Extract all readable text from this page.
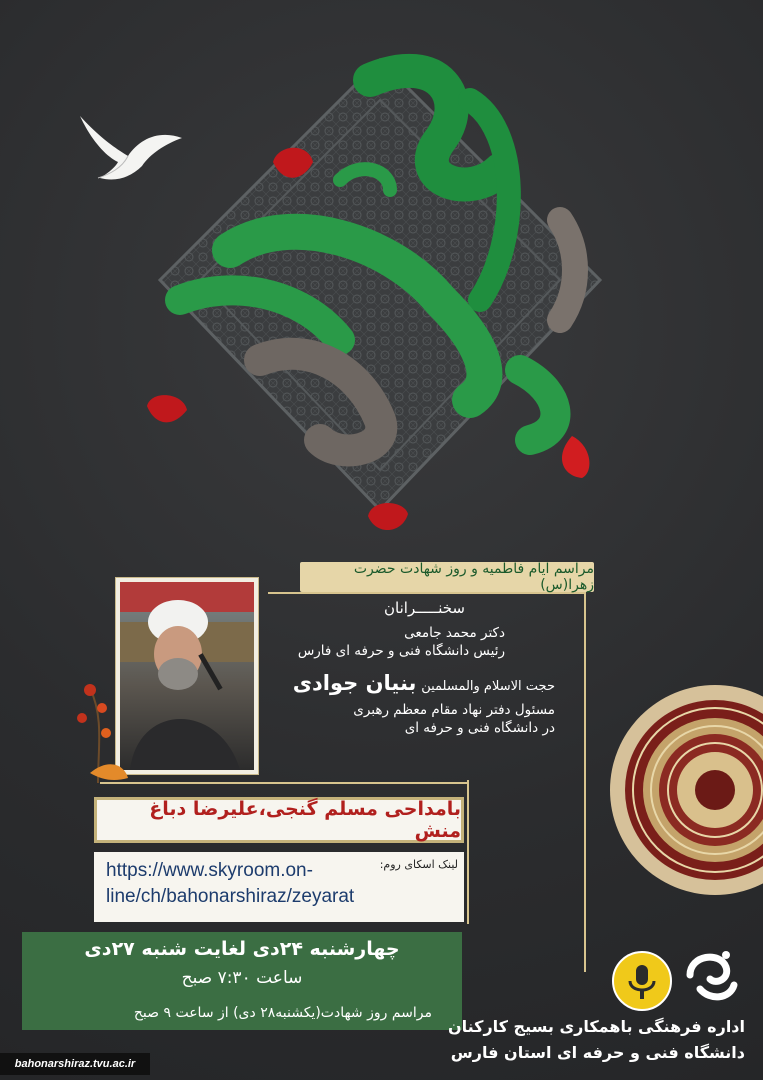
مراسم ایام فاطمیه و روز شهادت حضرت زهرا(س)
سخنـــــرانان
دکتر محمد جامعی
رئیس دانشگاه فنی و حرفه ای فارس
حجت الاسلام والمسلمین بنیان جوادی
مسئول دفتر نهاد مقام معظم رهبری
در دانشگاه فنی و حرفه ای
بامداحی مسلم گنجی،علیرضا دباغ منش
لینک اسکای روم:
https://www.skyroom.on-line/ch/bahonarshiraz/zeyarat
چهارشنبه ۲۴دی لغایت شنبه ۲۷دی
ساعت ۷:۳۰ صبح
مراسم روز شهادت(یکشنبه۲۸ دی) از ساعت ۹ صبح
اداره فرهنگی باهمکاری بسیج کارکنان
دانشگاه فنی و حرفه ای استان فارس
bahonarshiraz.tvu.ac.ir
